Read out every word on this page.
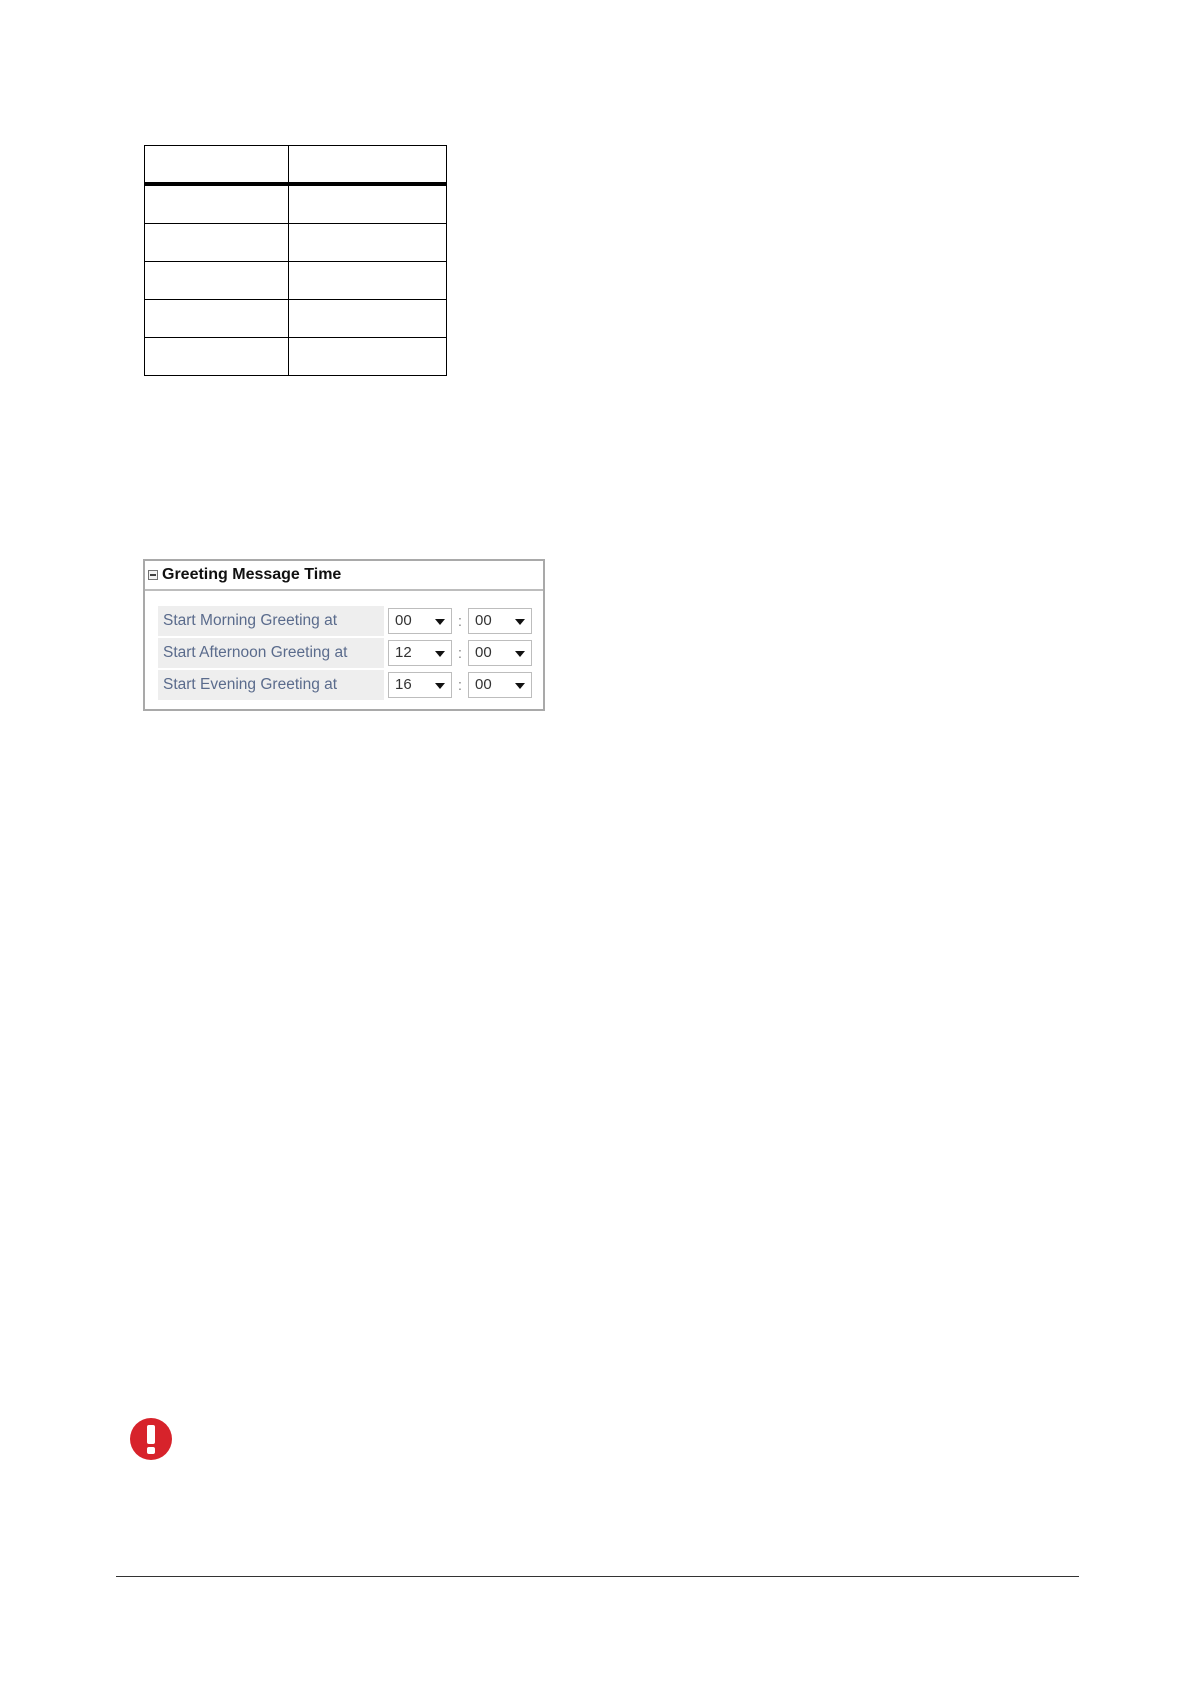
Greeting Message Time
Start Morning Greeting at	00	: 00
Start Afternoon Greeting at	12	: 00
Start Evening Greeting at	16	: 00
